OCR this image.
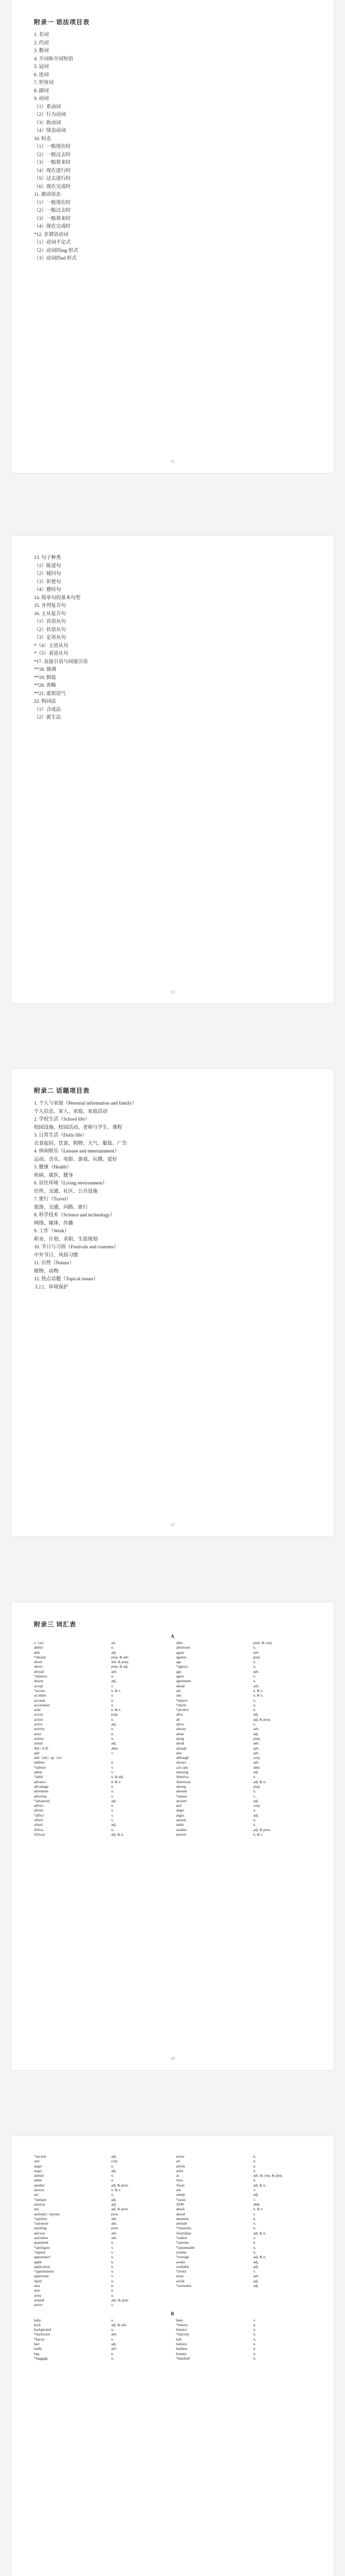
附录一 语法项目表
1. 名词
2. 代词
3. 数词
4. 介词和介词短语
5. 冠词
6. 连词
7. 形容词
8. 副词
9. 动词
（1）系动词
（2）行为动词
（3）助动词
（4）情态动词
10. 时态
（1）一般现在时
（2）一般过去时
（3）一般将来时
（4）现在进行时
（5）过去进行时
（6）现在完成时
11. 被动语态
（1）一般现在时
（2）一般过去时
（3）一般将来时
（4）现在完成时
*12. 非谓语动词
（1）动词不定式
（2）动词的ing 形式
（3）动词的ed 形式
11
13. 句子种类
（1）陈述句
（2）疑问句
（3）祈使句
（4）感叹句
14. 简单句的基本句型
15. 并列复合句
16. 主从复合句
（1）宾语从句
（2）状语从句
（3）定语从句
*（4）主语从句
*（5）表语从句
*17. 直接引语与间接引语
**18. 强调
**19. 倒装
**20. 省略
**21. 虚拟语气
22. 构词法
（1）合成法
（2）派生法
12
附录二 话题项目表
1. 个人与家庭（Personal information and family）
个人信息、家人、家庭、家庭活动
2. 学校生活（School life）
校园设施、校园活动、老师与学生、课程
3. 日常生活（Daily life）
衣食起居、饮食、购物、天气、服装、广告
4. 休闲娱乐（Leisure and entertainment）
运动、音乐、电影、游戏、玩偶、爱好
5. 健康（Health）
疾病、就医、健身
6. 居住环境（Living environment）
住所、交通、社区、公共设施
7. 旅行（Travel）
旅游、交通、问路、旅行
8. 科学技术（Science and technology）
网络、媒体、传播
9. 工作（Work）
职业、计划、求职、生涯规划
10. 节日与习俗（Festivals and customs）
中外节日、风俗习惯
11. 自然（Nature）
植物、动物
12. 热点话题（Topical issues）
人口、环境保护
13
附录三 词汇表
A
a（an）	art.
ability	n.
able	adj.
*aboard	prep. & adv.
about	adv. & prep.
above	prep. & adj.
abroad	adv.
*absence	n.
absent	adj.
accept	v.
*access	n. & v.
accident	n.
account	n.
accountant	n.
ache	n. & v.
across	prep.
action	n.
active	adj.
activity	n.
actor	n.
actress	n.
actual	adj.
AD / A.D.	abbr.
add	v.
add（sth）up（to）
address	n.
*admire	v.
admit	v.
*adult	n. & adj.
advance	n. & v.
advantage	n.
adventure	n.
advertise	v.
*advanced	adj.
advice	n.
advise	v.
*affect	v.
afford	v.
afraid	adj.
Africa	n.
African	adj. & n.
after	prep. & conj.
afternoon	n.
again	adv.
against	prep.
age	n.
*agency	n.
ago	adv.
agree	v.
agreement	n.
ahead	adv.
aid	n. & v.
aim	n. & v.
*airport	n.
*alarm	n.
*alcohol	n.
alive	adj.
all	adj. & pron.
allow	v.
almost	adv.
alone	adj.
along	prep.
aloud	adv.
already	adv.
also	adv.
although	conj.
always	adv.
a.m./am	abbr.
amazing	adj.
America	n.
American	adj. & n.
among	prep.
amount	n.
*amuse	v.
ancient	adj.
and	conj.
anger	n.
angry	adj.
animal	n.
ankle	n.
another	adj. & pron.
answer	n. & v.
14
*ancient	adj.
and	conj.
anger	n.
angry	adj.
animal	n.
ankle	n.
another	adj. & pron.
answer	n. & v.
ant	n.
*antique	adj.
anxious	adj.
any	adj. & pron.
anybody / anyone	pron.
*anyhow	adv.
*anymore	adv.
anything	pron.
anyway	adv.
anywhere	adv.
apartment	n.
*apologize	v.
*appear	v.
appearance	n.
apple	n.
application	n.
*appointment	n.
appreciate	v.
April	n.
area	n.
arm	n.
army	n.
around	adv. & prep.
arrive	v.
arrow	n.
art	n.
article	n.
artist	n.
as	adv. & conj. & prep.
Asia	n.
Asian	adj. & n.
ask	v.
asleep	adj.
*assist	v.
ATM	abbr.
attack	n. & v.
attend	v.
attention	n.
attitude	n.
*Australia	n.
Australian	adj. & n.
*author	n.
*autumn	n.
*autumnable	n.
avenue	n.
*average	adj. & n.
awake	adj.
available	adj.
*avoid	v.
away	adv.
awful	adj.
*awesome	adj.
B
baby	n.
back	adj. & adv.
background	n.
*backward	adv.
*bacon	n.
bad	adj.
badly	adv.
bag	n.
*baggage	n.
bake	v.
*bakery	n.
balance	n.
*balcony	n.
ball	n.
balloon	n.
bamboo	n.
banana	n.
*baseball	n.
